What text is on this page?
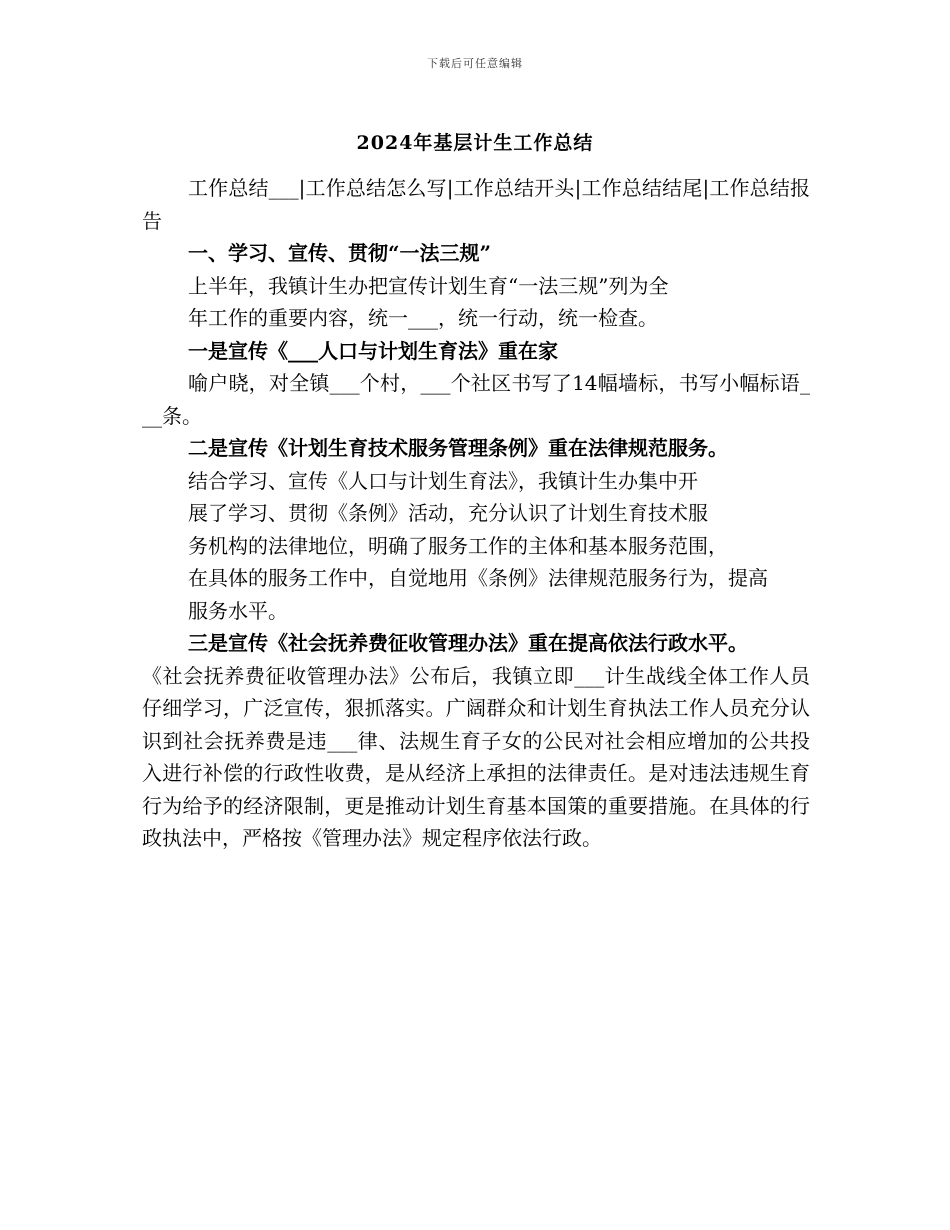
下载后可任意编辑
2024年基层计生工作总结

工作总结___|工作总结怎么写|工作总结开头|工作总结结尾|工作总结报告

一、学习、宣传、贯彻“一法三规”

上半年，我镇计生办把宣传计划生育“一法三规”列为全

年工作的重要内容，统一___，统一行动，统一检查。

一是宣传《___人口与计划生育法》重在家

喻户晓，对全镇___个村，___个社区书写了14幅墙标，书写小幅标语___条。

二是宣传《计划生育技术服务管理条例》重在法律规范服务。

结合学习、宣传《人口与计划生育法》，我镇计生办集中开

展了学习、贯彻《条例》活动，充分认识了计划生育技术服

务机构的法律地位，明确了服务工作的主体和基本服务范围，

在具体的服务工作中，自觉地用《条例》法律规范服务行为，提高

服务水平。

三是宣传《社会抚养费征收管理办法》重在提高依法行政水平。

《社会抚养费征收管理办法》公布后，我镇立即___计生战线全体工作人员仔细学习，广泛宣传，狠抓落实。广阔群众和计划生育执法工作人员充分认识到社会抚养费是违___律、法规生育子女的公民对社会相应增加的公共投入进行补偿的行政性收费，是从经济上承担的法律责任。是对违法违规生育行为给予的经济限制，更是推动计划生育基本国策的重要措施。在具体的行政执法中，严格按《管理办法》规定程序依法行政。
